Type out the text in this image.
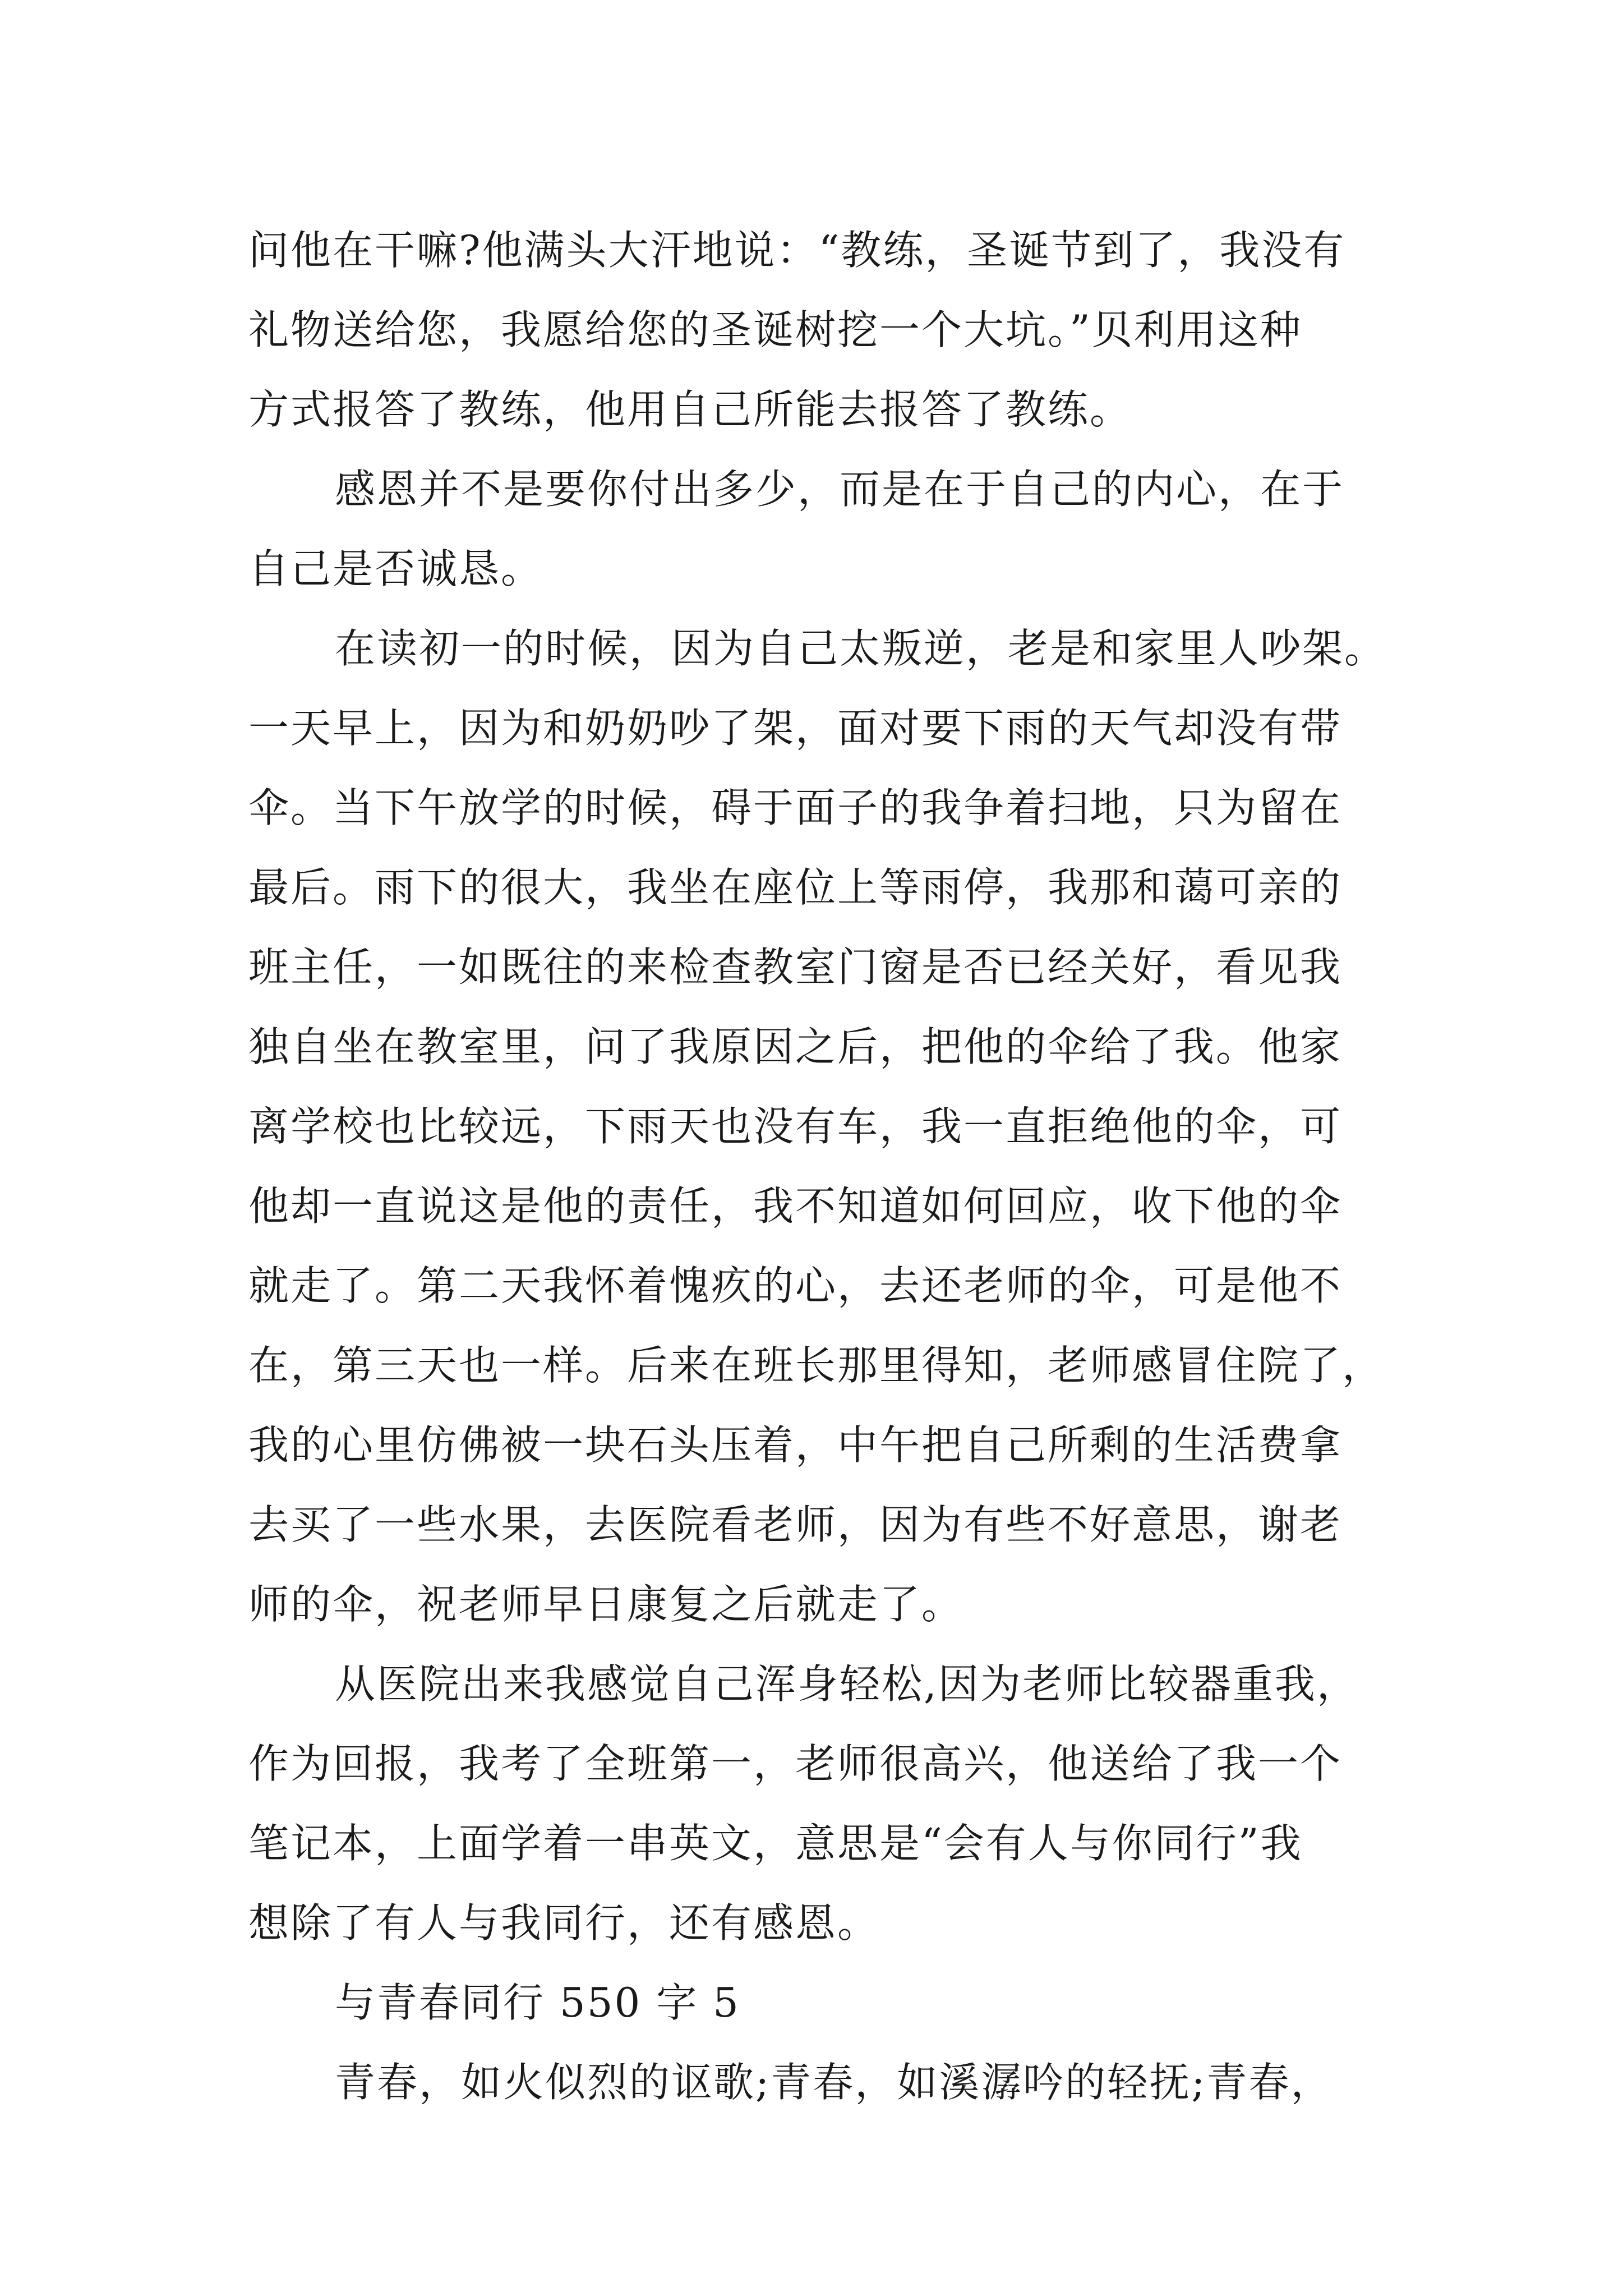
问他在干嘛?他满头大汗地说：“教练，圣诞节到了，我没有
礼物送给您，我愿给您的圣诞树挖一个大坑。”贝利用这种
方式报答了教练，他用自己所能去报答了教练。
感恩并不是要你付出多少，而是在于自己的内心，在于
自己是否诚恳。
在读初一的时候，因为自己太叛逆，老是和家里人吵架。
一天早上，因为和奶奶吵了架，面对要下雨的天气却没有带
伞。当下午放学的时候，碍于面子的我争着扫地，只为留在
最后。雨下的很大，我坐在座位上等雨停，我那和蔼可亲的
班主任，一如既往的来检查教室门窗是否已经关好，看见我
独自坐在教室里，问了我原因之后，把他的伞给了我。他家
离学校也比较远，下雨天也没有车，我一直拒绝他的伞，可
他却一直说这是他的责任，我不知道如何回应，收下他的伞
就走了。第二天我怀着愧疚的心，去还老师的伞，可是他不
在，第三天也一样。后来在班长那里得知，老师感冒住院了，
我的心里仿佛被一块石头压着，中午把自己所剩的生活费拿
去买了一些水果，去医院看老师，因为有些不好意思，谢老
师的伞，祝老师早日康复之后就走了。
从医院出来我感觉自己浑身轻松,因为老师比较器重我，
作为回报，我考了全班第一，老师很高兴，他送给了我一个
笔记本，上面学着一串英文，意思是“会有人与你同行”我
想除了有人与我同行，还有感恩。
与青春同行 550 字 5
青春，如火似烈的讴歌;青春，如溪潺吟的轻抚;青春，
